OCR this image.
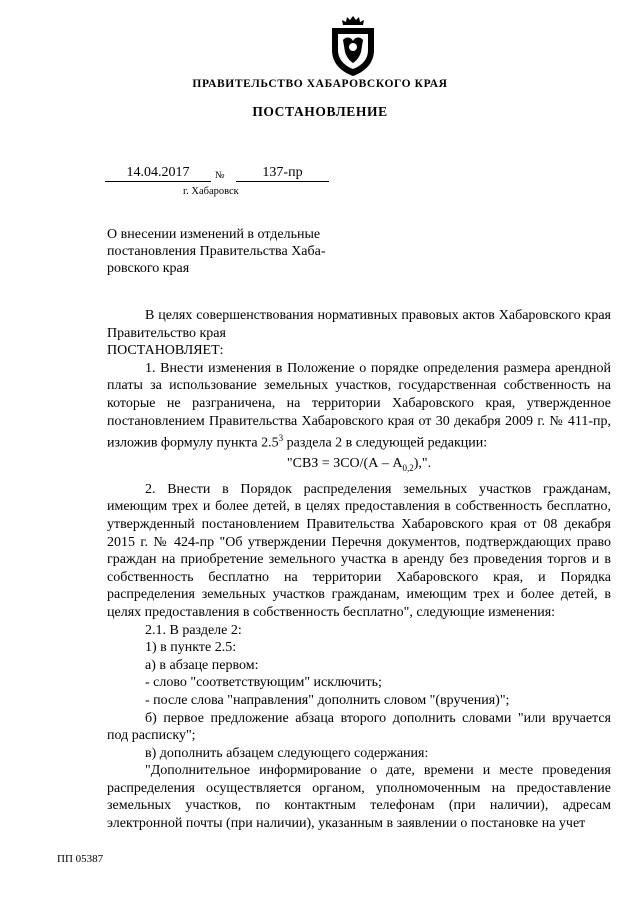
ПРАВИТЕЛЬСТВО ХАБАРОВСКОГО КРАЯ
ПОСТАНОВЛЕНИЕ
14.04.2017	№	137-пр
г. Хабаровск
О внесении изменений в отдельные постановления Правительства Хаба-ровского края

В целях совершенствования нормативных правовых актов Хабаровского края Правительство края

ПОСТАНОВЛЯЕТ:

1. Внести изменения в Положение о порядке определения размера арендной платы за использование земельных участков, государственная собственность на которые не разграничена, на территории Хабаровского края, утвержденное постановлением Правительства Хабаровского края от 30 декабря 2009 г. № 411-пр, изложив формулу пункта $2.5^3$ раздела 2 в следующей редакции:

"СВЗ = $ЗСО/(А - А_{0,2})$,".

2. Внести в Порядок распределения земельных участков гражданам, имеющим трех и более детей, в целях предоставления в собственность бесплатно, утвержденный постановлением Правительства Хабаровского края от 08 декабря 2015 г. № 424-пр "Об утверждении Перечня документов, подтверждающих право граждан на приобретение земельного участка в аренду без проведения торгов и в собственность бесплатно на территории Хабаровского края, и Порядка распределения земельных участков гражданам, имеющим трех и более детей, в целях предоставления в собственность бесплатно", следующие изменения:

2.1. В разделе 2:

1) в пункте 2.5:

а) в абзаце первом:

- слово "соответствующим" исключить;

- после слова "направления" дополнить словом "(вручения)";

б) первое предложение абзаца второго дополнить словами "или вручается под расписку";

в) дополнить абзацем следующего содержания:

"Дополнительное информирование о дате, времени и месте проведения распределения осуществляется органом, уполномоченным на предоставление земельных участков, по контактным телефонам (при наличии), адресам электронной почты (при наличии), указанным в заявлении о постановке на учет

ПП 05387
